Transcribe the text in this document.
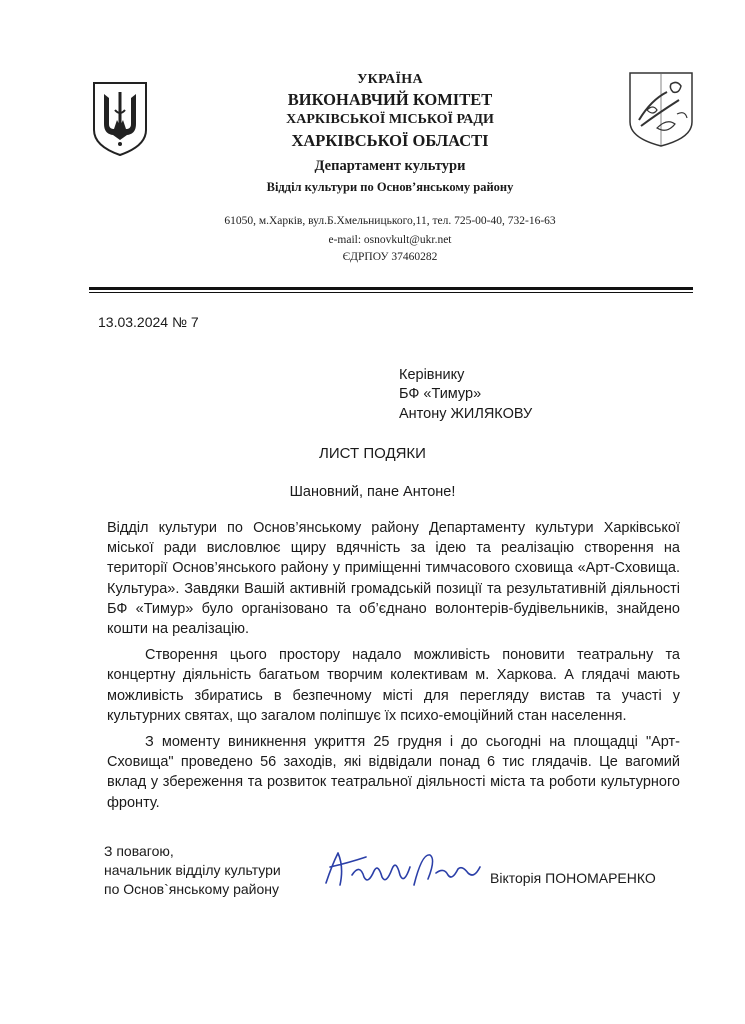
УКРАЇНА
ВИКОНАВЧИЙ КОМІТЕТ
ХАРКІВСЬКОЇ МІСЬКОЇ РАДИ
ХАРКІВСЬКОЇ ОБЛАСТІ
Департамент культури
Відділ культури по Основ’янському району
61050, м.Харків, вул.Б.Хмельницького,11, тел. 725-00-40, 732-16-63
e-mail: osnovkult@ukr.net
ЄДРПОУ 37460282
13.03.2024 № 7
Керівнику
БФ «Тимур»
Антону ЖИЛЯКОВУ
ЛИСТ ПОДЯКИ
Шановний, пане Антоне!

Відділ культури по Основ’янському району Департаменту культури Харківської міської ради висловлює щиру вдячність за ідею та реалізацію створення на території Основ’янського району у приміщенні тимчасового сховища «Арт-Сховища. Культура». Завдяки Вашій активній громадській позиції та результативній діяльності БФ «Тимур» було організовано та об’єднано волонтерів-будівельників, знайдено кошти на реалізацію.

Створення цього простору надало можливість поновити театральну та концертну діяльність багатьом творчим колективам м. Харкова. А глядачі мають можливість збиратись в безпечному місті для перегляду вистав та участі у культурних святах, що загалом поліпшує їх психо-емоційний стан населення.

З моменту виникнення укриття 25 грудня і до сьогодні на площадці "Арт-Сховища" проведено 56 заходів, які відвідали понад 6 тис глядачів. Це вагомий вклад у збереження та розвиток театральної діяльності міста та роботи культурного фронту.

З повагою,
начальник відділу культури
по Основ`янському району
Вікторія ПОНОМАРЕНКО
